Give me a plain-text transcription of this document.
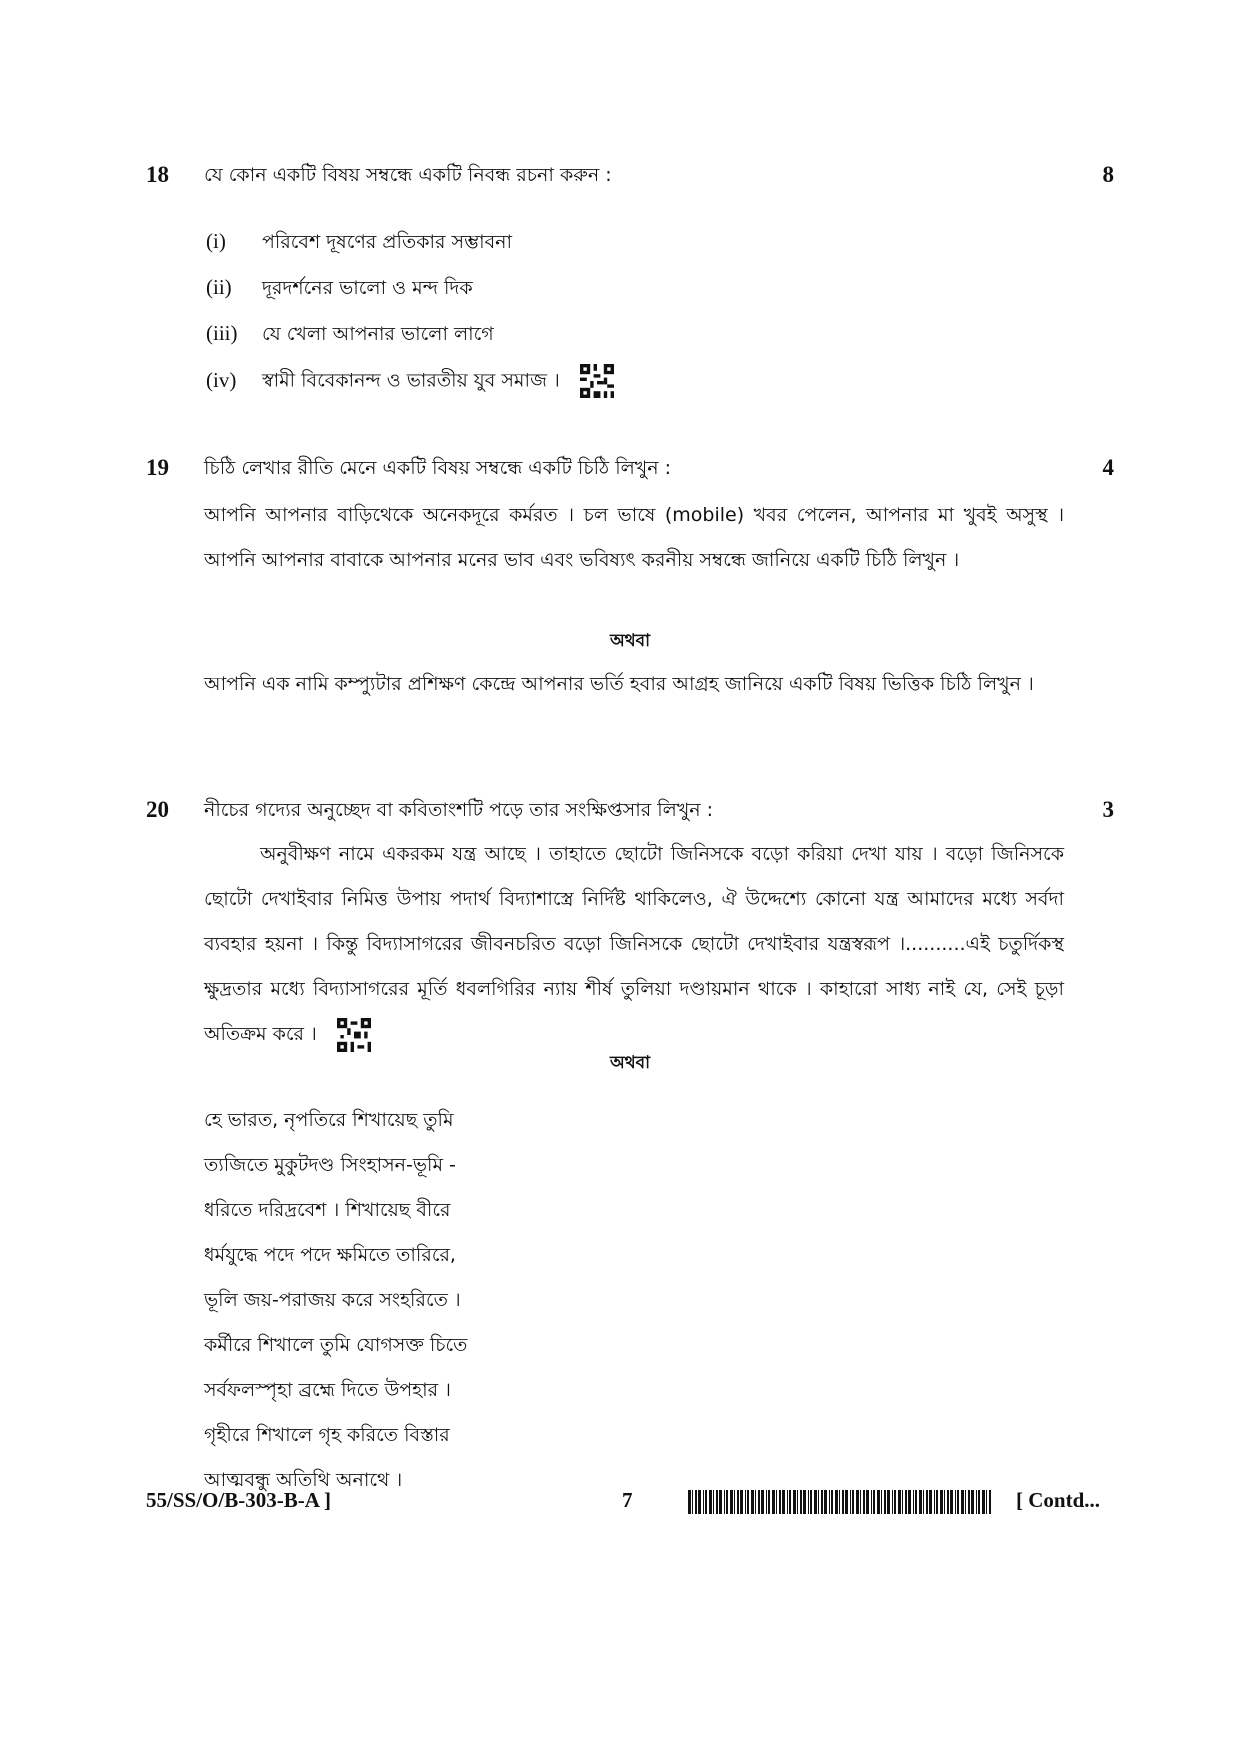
18 যে কোন একটি বিষয় সম্বন্ধে একটি নিবন্ধ রচনা করুন :	8
(i) পরিবেশ দূষণের প্রতিকার সম্ভাবনা
(ii) দূরদর্শনের ভালো ও মন্দ দিক
(iii) যে খেলা আপনার ভালো লাগে
(iv) স্বামী বিবেকানন্দ ও ভারতীয় যুব সমাজ ।
19 চিঠি লেখার রীতি মেনে একটি বিষয় সম্বন্ধে একটি চিঠি লিখুন :	4
আপনি আপনার বাড়িথেকে অনেকদূরে কর্মরত । চল ভাষে (mobile) খবর পেলেন, আপনার মা খুবই অসুস্থ । আপনি আপনার বাবাকে আপনার মনের ভাব এবং ভবিষ্যৎ করনীয় সম্বন্ধে জানিয়ে একটি চিঠি লিখুন ।
অথবা
আপনি এক নামি কম্প্যুটার প্রশিক্ষণ কেন্দ্রে আপনার ভর্তি হবার আগ্রহ জানিয়ে একটি বিষয় ভিত্তিক চিঠি লিখুন ।
20 নীচের গদ্যের অনুচ্ছেদ বা কবিতাংশটি পড়ে তার সংক্ষিপ্তসার লিখুন :	3
অনুবীক্ষণ নামে একরকম যন্ত্র আছে । তাহাতে ছোটো জিনিসকে বড়ো করিয়া দেখা যায় । বড়ো জিনিসকে ছোটো দেখাইবার নিমিত্ত উপায় পদার্থ বিদ্যাশাস্ত্রে নির্দিষ্ট থাকিলেও, ঐ উদ্দেশ্যে কোনো যন্ত্র আমাদের মধ্যে সর্বদা ব্যবহার হয়না । কিন্তু বিদ্যাসাগরের জীবনচরিত বড়ো জিনিসকে ছোটো দেখাইবার যন্ত্রস্বরূপ ।..........এই চতুর্দিকস্থ ক্ষুদ্রতার মধ্যে বিদ্যাসাগরের মূর্তি ধবলগিরির ন্যায় শীর্ষ তুলিয়া দণ্ডায়মান থাকে । কাহারো সাধ্য নাই যে, সেই চূড়া অতিক্রম করে ।
অথবা
হে ভারত, নৃপতিরে শিখায়েছ তুমি
ত্যজিতে মুকুটদণ্ড সিংহাসন-ভূমি -
ধরিতে দরিদ্রবেশ । শিখায়েছ বীরে
ধর্মযুদ্ধে পদে পদে ক্ষমিতে তারিরে,
ভূলি জয়-পরাজয় করে সংহরিতে ।
কর্মীরে শিখালে তুমি যোগসক্ত চিতে
সর্বফলস্পৃহা ব্রহ্মে দিতে উপহার ।
গৃহীরে শিখালে গৃহ করিতে বিস্তার
আত্মবন্ধু অতিথি অনাথে ।
55/SS/O/B-303-B-A ]	7	[ Contd...
